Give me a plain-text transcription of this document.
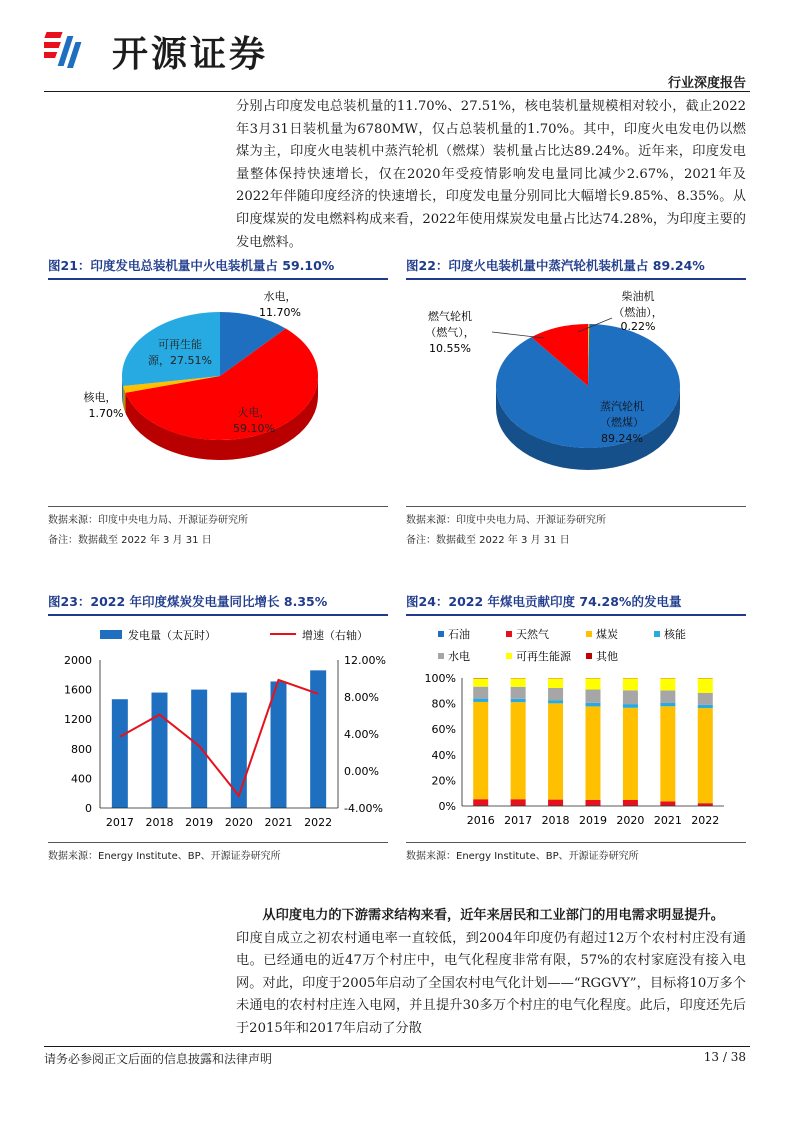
开源证券
行业深度报告

分别占印度发电总装机量的11.70%、27.51%，核电装机量规模相对较小，截止2022年3月31日装机量为6780MW，仅占总装机量的1.70%。其中，印度火电发电仍以燃煤为主，印度火电装机中蒸汽轮机（燃煤）装机量占比达89.24%。近年来，印度发电量整体保持快速增长，仅在2020年受疫情影响发电量同比减少2.67%，2021年及2022年伴随印度经济的快速增长，印度发电量分别同比大幅增长9.85%、8.35%。从印度煤炭的发电燃料构成来看，2022年使用煤炭发电量占比达74.28%，为印度主要的发电燃料。

图21：印度发电总装机量中火电装机量占 59.10%
水电，
11.70%
可再生能
源，27.51%
核电，
1.70%	火电，
59.10%
数据来源：印度中央电力局、开源证券研究所
备注：数据截至 2022 年 3 月 31 日
图22：印度火电装机量中蒸汽轮机装机量占 89.24%
柴油机
（燃油），
0.22%
燃气轮机
（燃气），
10.55%
蒸汽轮机
（燃煤）
89.24%
数据来源：印度中央电力局、开源证券研究所
备注：数据截至 2022 年 3 月 31 日
图23：2022 年印度煤炭发电量同比增长 8.35%
发电量（太瓦时）	增速（右轴）
2000
1600
1200
800
400
0
12.00%
8.00%
4.00%
0.00%
-4.00%
2017 2018 2019 2020 2021 2022
数据来源：Energy Institute、BP、开源证券研究所
图24：2022 年煤电贡献印度 74.28%的发电量
石油	天然气	煤炭	核能
水电	可再生能源 其他
100%
80%
60%
40%
20%
0%
2016 2017 2018 2019 2020 2021 2022
数据来源：Energy Institute、BP、开源证券研究所

从印度电力的下游需求结构来看，近年来居民和工业部门的用电需求明显提升。

印度自成立之初农村通电率一直较低，到2004年印度仍有超过12万个农村村庄没有通电。已经通电的近47万个村庄中，电气化程度非常有限，57%的农村家庭没有接入电网。对此，印度于2005年启动了全国农村电气化计划——“RGGVY”，目标将10万多个未通电的农村村庄连入电网，并且提升30多万个村庄的电气化程度。此后，印度还先后于2015年和2017年启动了分散

请务必参阅正文后面的信息披露和法律声明	13 / 38
